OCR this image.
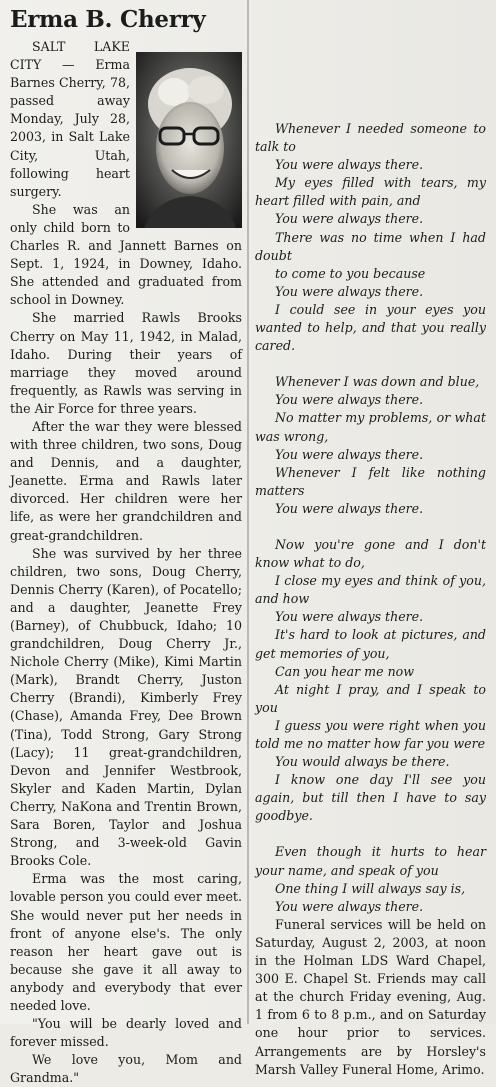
Erma B. Cherry

SALT LAKE CITY — Erma Barnes Cherry, 78, passed away Monday, July 28, 2003, in Salt Lake City, Utah, following heart surgery.

She was an only child born to Charles R. and Jannett Barnes on Sept. 1, 1924, in Downey, Idaho. She attended and graduated from school in Downey.

She married Rawls Brooks Cherry on May 11, 1942, in Malad, Idaho. During their years of marriage they moved around frequently, as Rawls was serving in the Air Force for three years.

After the war they were blessed with three children, two sons, Doug and Dennis, and a daughter, Jeanette. Erma and Rawls later divorced. Her children were her life, as were her grandchildren and great-grandchildren.

She was survived by her three children, two sons, Doug Cherry, Dennis Cherry (Karen), of Pocatello; and a daughter, Jeanette Frey (Barney), of Chubbuck, Idaho; 10 grandchildren, Doug Cherry Jr., Nichole Cherry (Mike), Kimi Martin (Mark), Brandt Cherry, Juston Cherry (Brandi), Kimberly Frey (Chase), Amanda Frey, Dee Brown (Tina), Todd Strong, Gary Strong (Lacy); 11 great-grandchildren, Devon and Jennifer Westbrook, Skyler and Kaden Martin, Dylan Cherry, NaKona and Trentin Brown, Sara Boren, Taylor and Joshua Strong, and 3-week-old Gavin Brooks Cole.

Erma was the most caring, lovable person you could ever meet. She would never put her needs in front of anyone else's. The only reason her heart gave out is because she gave it all away to anybody and everybody that ever needed love.

"You will be dearly loved and forever missed.

We love you, Mom and Grandma."

Whenever I needed someone to talk to

You were always there.

My eyes filled with tears, my heart filled with pain, and

You were always there.

There was no time when I had doubt

to come to you because

You were always there.

I could see in your eyes you wanted to help, and that you really cared.

Whenever I was down and blue,

You were always there.

No matter my problems, or what was wrong,

You were always there.

Whenever I felt like nothing matters

You were always there.

Now you're gone and I don't know what to do,

I close my eyes and think of you, and how

You were always there.

It's hard to look at pictures, and get memories of you,

Can you hear me now

At night I pray, and I speak to you

I guess you were right when you told me no matter how far you were

You would always be there.

I know one day I'll see you again, but till then I have to say goodbye.

Even though it hurts to hear your name, and speak of you

One thing I will always say is,

You were always there.

Funeral services will be held on Saturday, August 2, 2003, at noon in the Holman LDS Ward Chapel, 300 E. Chapel St. Friends may call at the church Friday evening, Aug. 1 from 6 to 8 p.m., and on Saturday one hour prior to services. Arrangements are by Horsley's Marsh Valley Funeral Home, Arimo.
